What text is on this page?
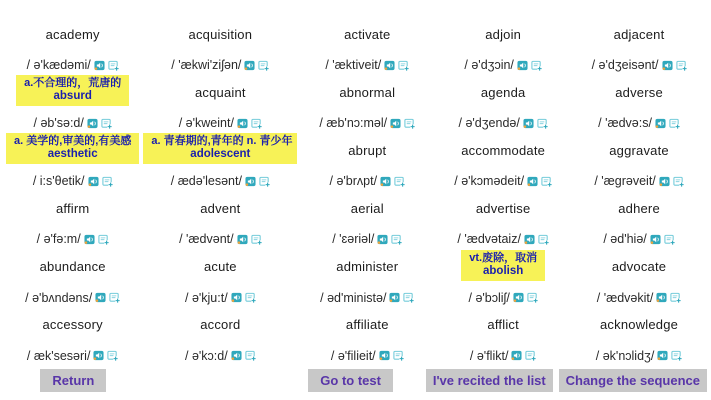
academy
/ ə'kædəmi/
acquisition
/ 'ækwi'ziʃən/
activate
/ 'æktiveit/
adjoin
/ ə'dʒɔin/
adjacent
/ ə'dʒeisənt/
a.不合理的，荒唐的
absurd
/ əb'sə:d/
acquaint
/ ə'kweint/
abnormal
/ æb'nɔ:məl/
agenda
/ ə'dʒendə/
adverse
/ 'ædvə:s/
a. 美学的,审美的,有美感
aesthetic
/ i:s'θetik/
a. 青春期的,青年的 n. 青少年
adolescent
/ ædə'lesənt/
abrupt
/ ə'brʌpt/
accommodate
/ ə'kɔmədeit/
aggravate
/ 'ægrəveit/
affirm
/ ə'fə:m/
advent
/ 'ædvənt/
aerial
/ 'ɛəriəl/
advertise
/ 'ædvətaiz/
adhere
/ əd'hiə/
abundance
/ ə'bʌndəns/
acute
/ ə'kju:t/
administer
/ əd'ministə/
vt.废除，取消
abolish
/ ə'bɔliʃ/
advocate
/ 'ædvəkit/
accessory
/ æk'sesəri/
accord
/ ə'kɔ:d/
affiliate
/ ə'filieit/
afflict
/ ə'flikt/
acknowledge
/ ək'nɔlidʒ/
Return	Go to test	I've recited the list	Change the sequence
